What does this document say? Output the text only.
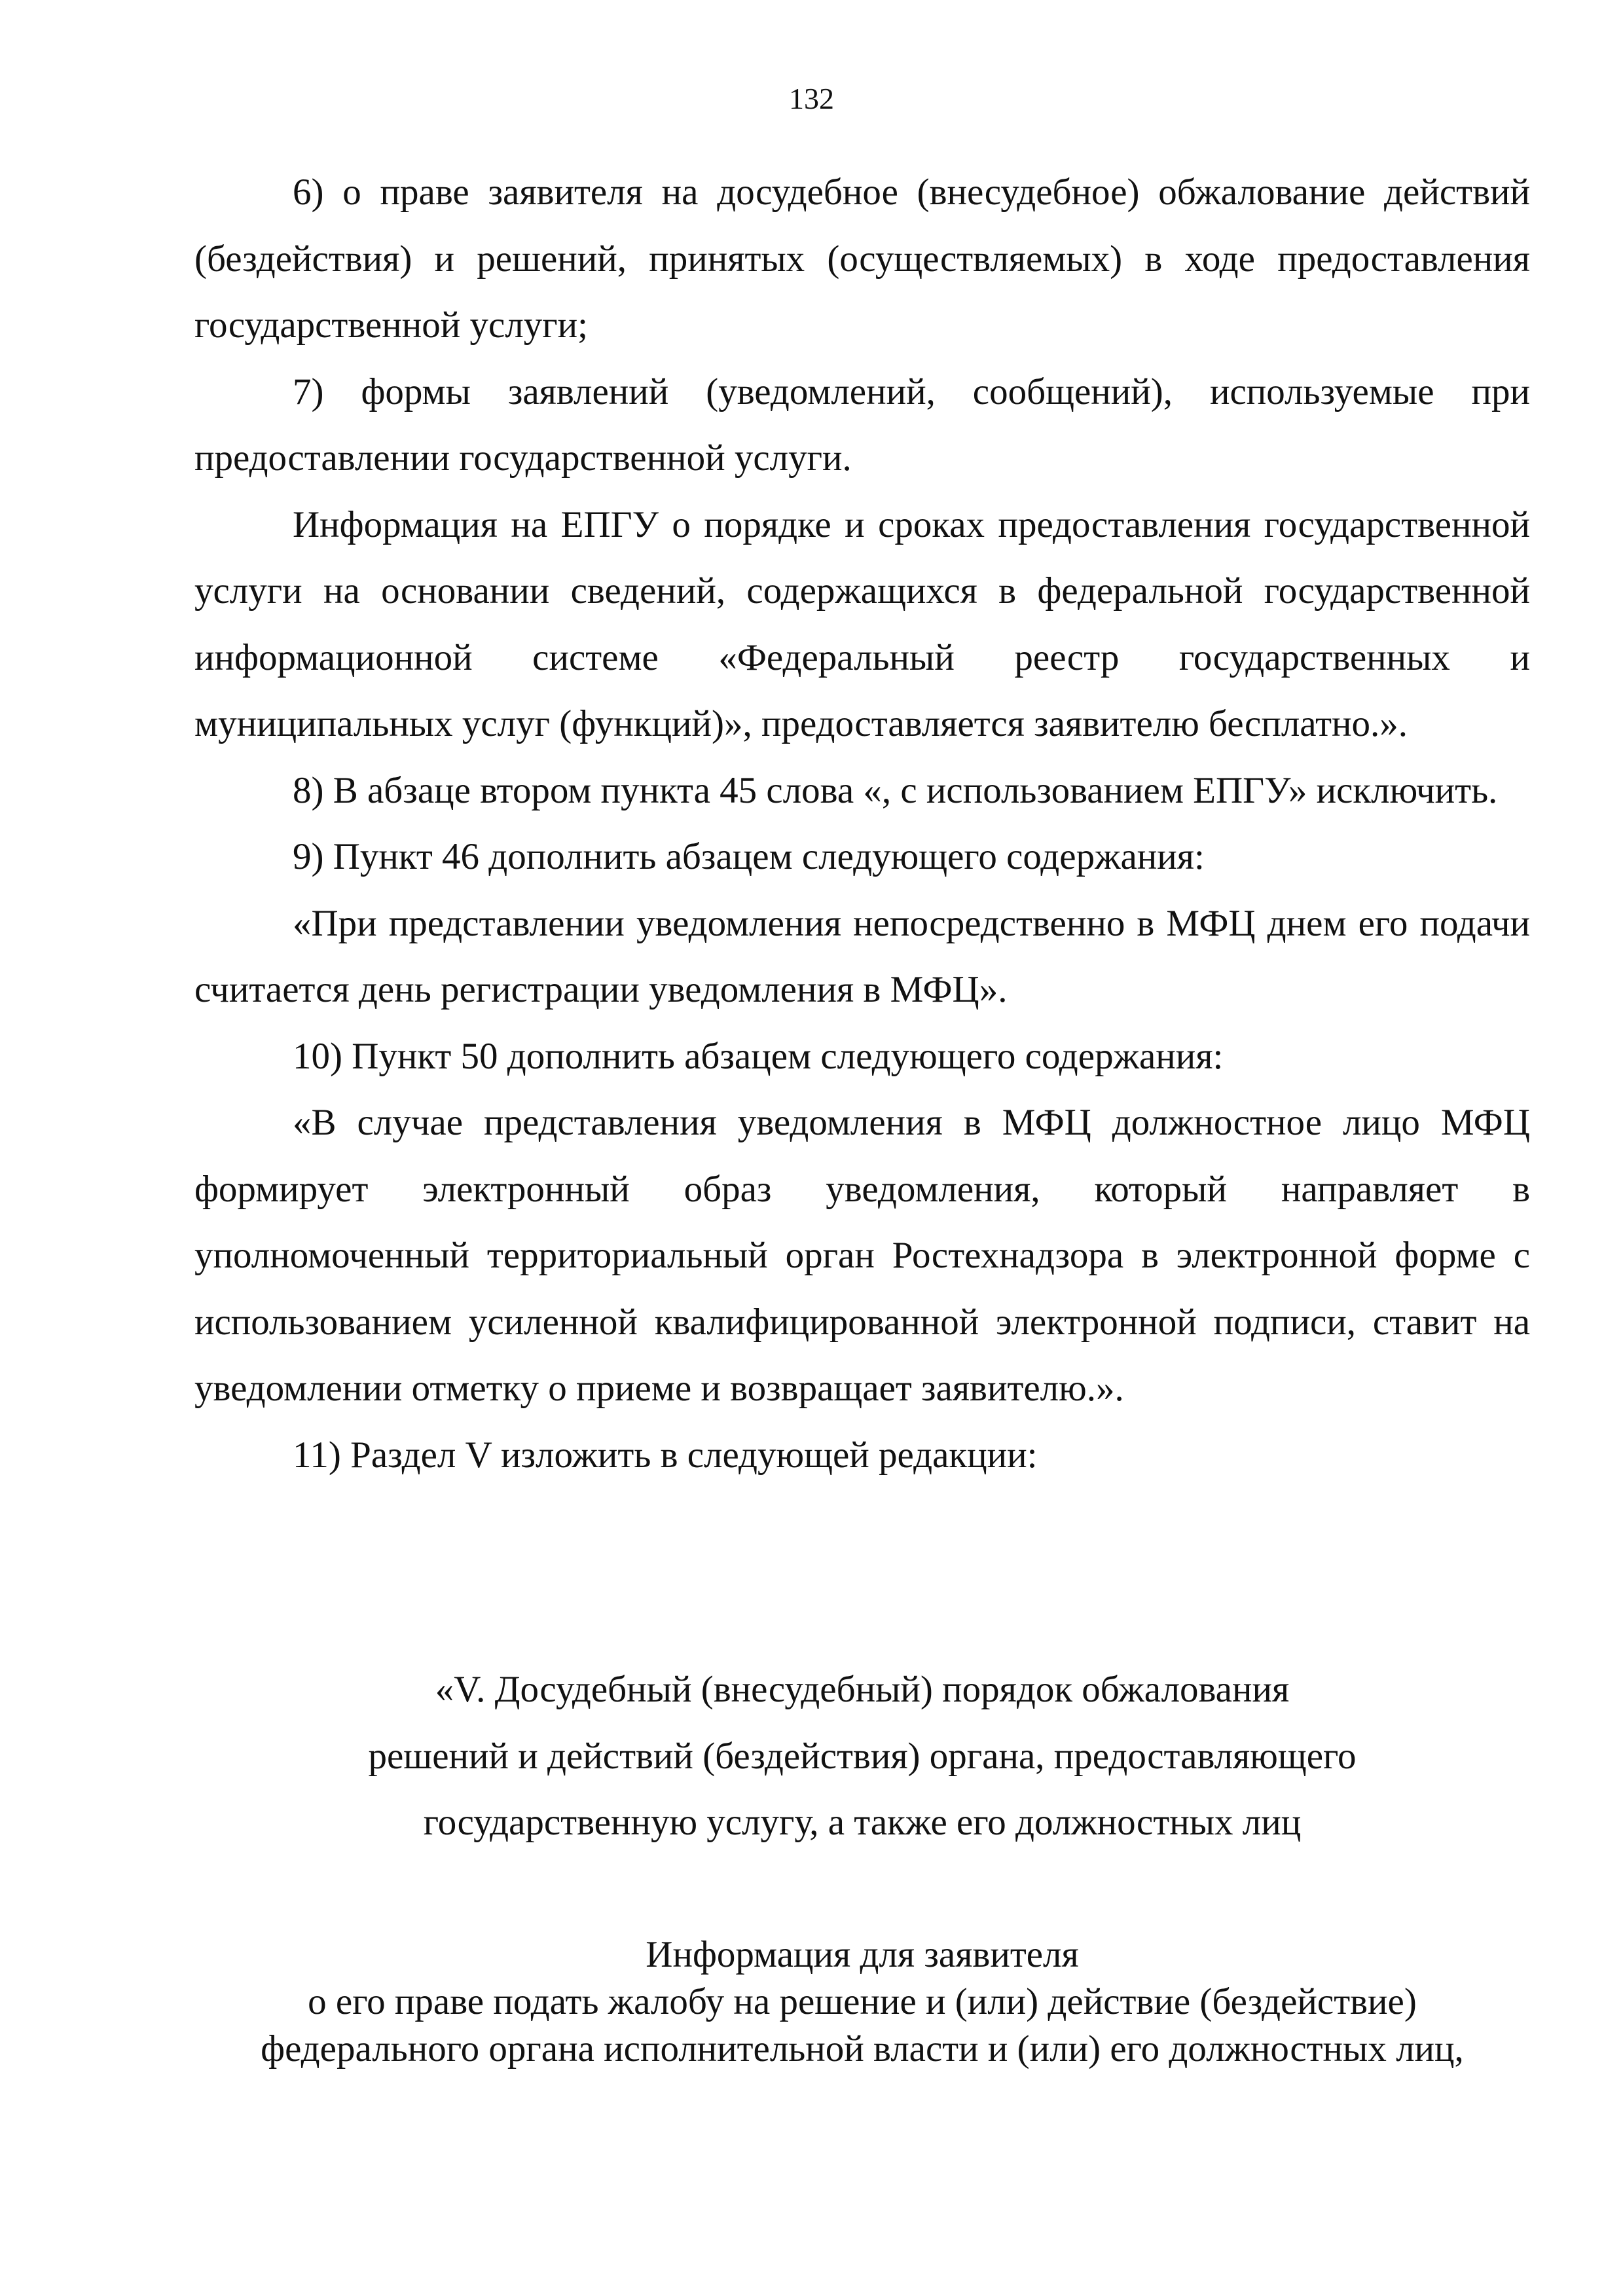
132

6) о праве заявителя на досудебное (внесудебное) обжалование действий (бездействия) и решений, принятых (осуществляемых) в ходе предоставления государственной услуги;

7) формы заявлений (уведомлений, сообщений), используемые при предоставлении государственной услуги.

Информация на ЕПГУ о порядке и сроках предоставления государственной услуги на основании сведений, содержащихся в федеральной государственной информационной системе «Федеральный реестр государственных и муниципальных услуг (функций)», предоставляется заявителю бесплатно.».

8) В абзаце втором пункта 45 слова «, с использованием ЕПГУ» исключить.

9) Пункт 46 дополнить абзацем следующего содержания:

«При представлении уведомления непосредственно в МФЦ днем его подачи считается день регистрации уведомления в МФЦ».

10) Пункт 50 дополнить абзацем следующего содержания:

«В случае представления уведомления в МФЦ должностное лицо МФЦ формирует электронный образ уведомления, который направляет в уполномоченный территориальный орган Ростехнадзора в электронной форме с использованием усиленной квалифицированной электронной подписи, ставит на уведомлении отметку о приеме и возвращает заявителю.».

11) Раздел V изложить в следующей редакции:

«V. Досудебный (внесудебный) порядок обжалования
решений и действий (бездействия) органа, предоставляющего
государственную услугу, а также его должностных лиц
Информация для заявителя
о его праве подать жалобу на решение и (или) действие (бездействие)
федерального органа исполнительной власти и (или) его должностных лиц,
